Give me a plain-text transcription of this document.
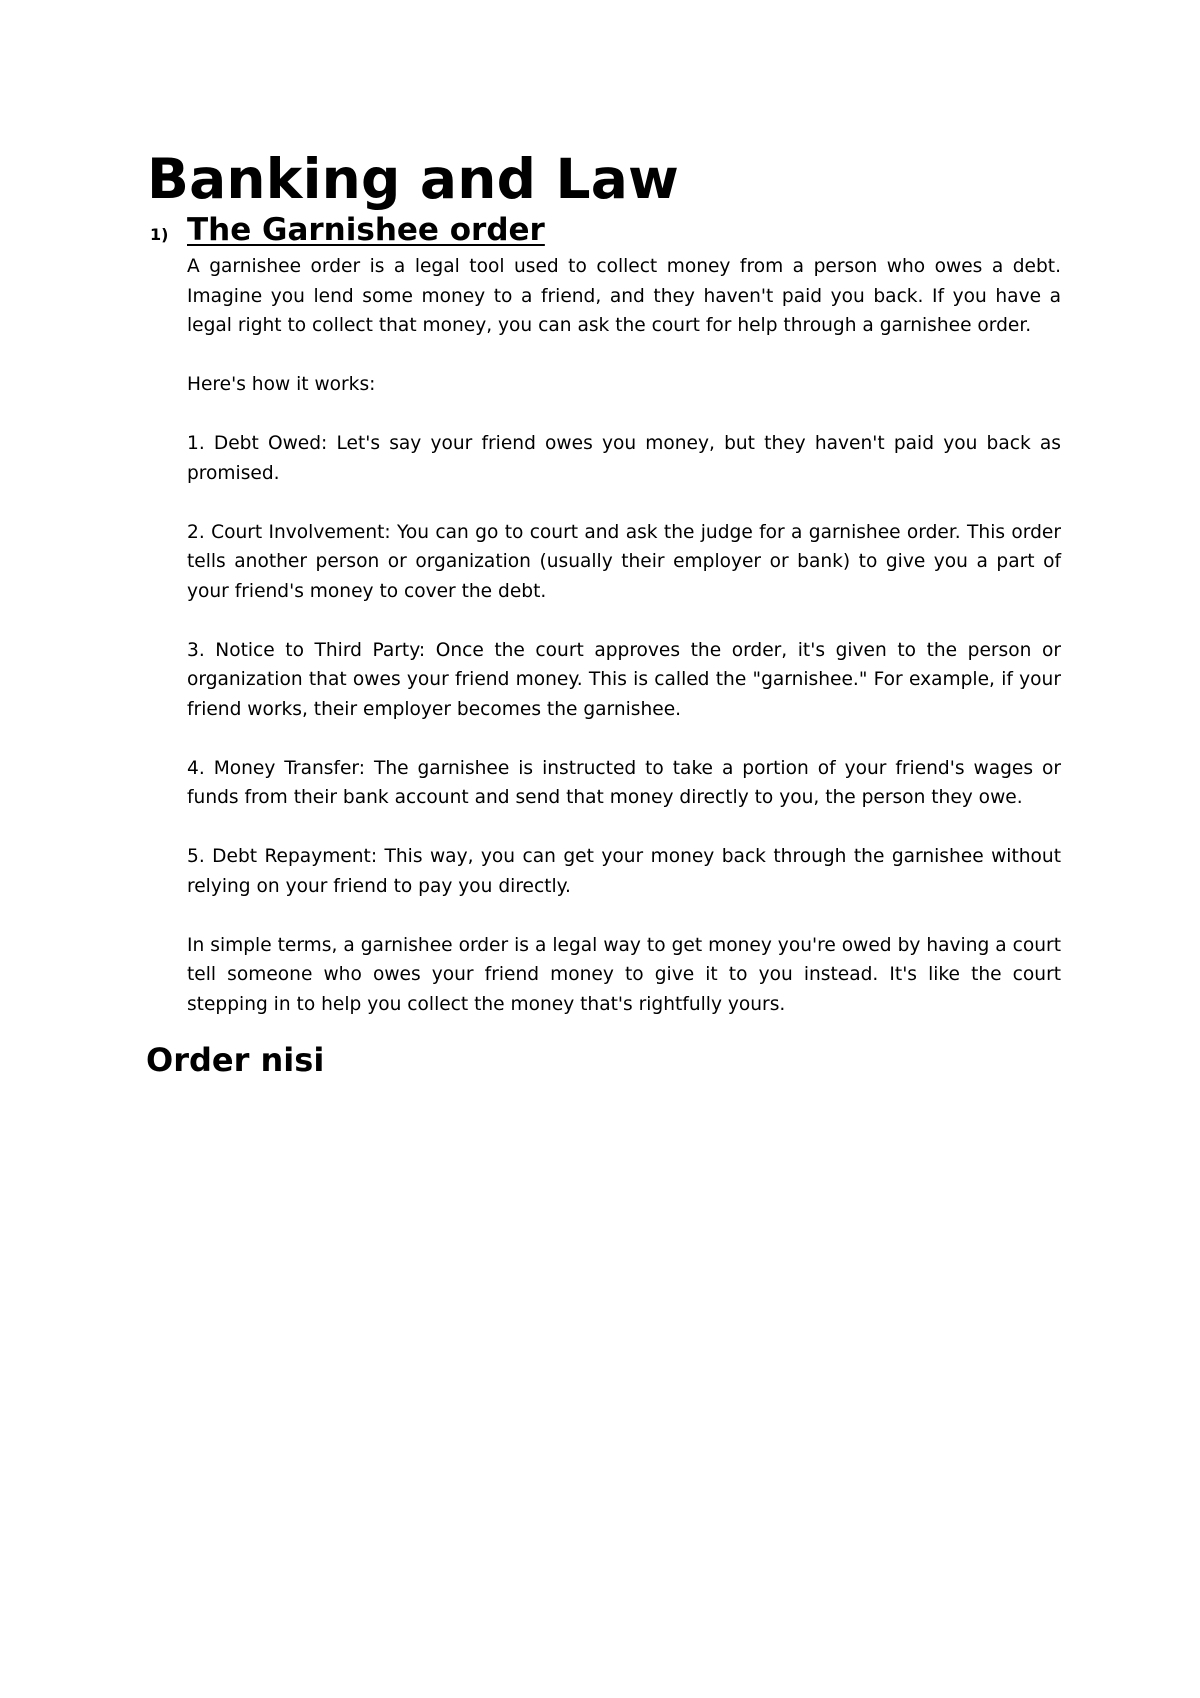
Banking and Law
1) The Garnishee order

A garnishee order is a legal tool used to collect money from a person who owes a debt. Imagine you lend some money to a friend, and they haven't paid you back. If you have a legal right to collect that money, you can ask the court for help through a garnishee order.

Here's how it works:

1. Debt Owed: Let's say your friend owes you money, but they haven't paid you back as promised.

2. Court Involvement: You can go to court and ask the judge for a garnishee order. This order tells another person or organization (usually their employer or bank) to give you a part of your friend's money to cover the debt.

3. Notice to Third Party: Once the court approves the order, it's given to the person or organization that owes your friend money. This is called the "garnishee." For example, if your friend works, their employer becomes the garnishee.

4. Money Transfer: The garnishee is instructed to take a portion of your friend's wages or funds from their bank account and send that money directly to you, the person they owe.

5. Debt Repayment: This way, you can get your money back through the garnishee without relying on your friend to pay you directly.

In simple terms, a garnishee order is a legal way to get money you're owed by having a court tell someone who owes your friend money to give it to you instead. It's like the court stepping in to help you collect the money that's rightfully yours.

Order nisi
